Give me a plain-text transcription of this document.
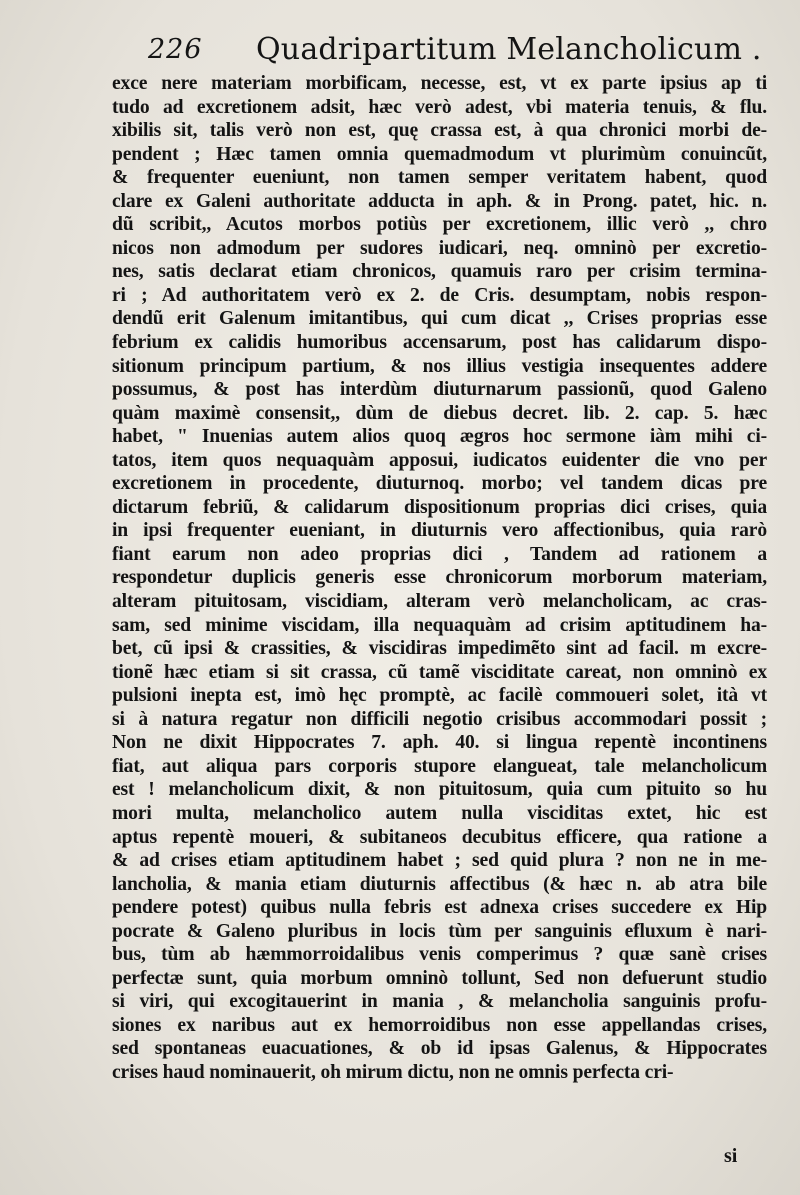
226 Quadripartitum Melancholicum .
exce nere materiam morbificam, necesse, est, vt ex parte ipsius ap ti
tudo ad excretionem adsit, hæc verò adest, vbi materia tenuis, & flu.
xibilis sit, talis verò non est, quę crassa est, à qua chronici morbi de-
pendent ; Hæc tamen omnia quemadmodum vt plurimùm conuincũt,
& frequenter eueniunt, non tamen semper veritatem habent, quod
clare ex Galeni authoritate adducta in aph. & in Prong. patet, hic. n.
dũ scribit,, Acutos morbos potiùs per excretionem, illic verò ,, chro
nicos non admodum per sudores iudicari, neq. omninò per excretio-
nes, satis declarat etiam chronicos, quamuis raro per crisim termina-
ri ; Ad authoritatem verò ex 2. de Cris. desumptam, nobis respon-
dendũ erit Galenum imitantibus, qui cum dicat ,, Crises proprias esse
febrium ex calidis humoribus accensarum, post has calidarum dispo-
sitionum principum partium, & nos illius vestigia insequentes addere
possumus, & post has interdùm diuturnarum passionũ, quod Galeno
quàm maximè consensit,, dùm de diebus decret. lib. 2. cap. 5. hæc
habet, " Inuenias autem alios quoq ægros hoc sermone iàm mihi ci-
tatos, item quos nequaquàm apposui, iudicatos euidenter die vno per
excretionem in procedente, diuturnoq. morbo; vel tandem dicas pre
dictarum febriũ, & calidarum dispositionum proprias dici crises, quia
in ipsi frequenter eueniant, in diuturnis vero affectionibus, quia rarò
fiant earum non adeo proprias dici , Tandem ad rationem a
respondetur duplicis generis esse chronicorum morborum materiam,
alteram pituitosam, viscidiam, alteram verò melancholicam, ac cras-
sam, sed minime viscidam, illa nequaquàm ad crisim aptitudinem ha-
bet, cũ ipsi & crassities, & viscidiras impedimẽto sint ad facil. m excre-
tionẽ hæc etiam si sit crassa, cũ tamẽ visciditate careat, non omninò ex
pulsioni inepta est, imò hęc promptè, ac facilè commoueri solet, ità vt
si à natura regatur non difficili negotio crisibus accommodari possit ;
Non ne dixit Hippocrates 7. aph. 40. si lingua repentè incontinens
fiat, aut aliqua pars corporis stupore elangueat, tale melancholicum
est ! melancholicum dixit, & non pituitosum, quia cum pituito so hu
mori multa, melancholico autem nulla visciditas extet, hic est
aptus repentè moueri, & subitaneos decubitus efficere, qua ratione a
& ad crises etiam aptitudinem habet ; sed quid plura ? non ne in me-
lancholia, & mania etiam diuturnis affectibus (& hæc n. ab atra bile
pendere potest) quibus nulla febris est adnexa crises succedere ex Hip
pocrate & Galeno pluribus in locis tùm per sanguinis efluxum è nari-
bus, tùm ab hæmmorroidalibus venis comperimus ? quæ sanè crises
perfectæ sunt, quia morbum omninò tollunt, Sed non defuerunt studio
si viri, qui excogitauerint in mania , & melancholia sanguinis profu-
siones ex naribus aut ex hemorroidibus non esse appellandas crises,
sed spontaneas euacuationes, & ob id ipsas Galenus, & Hippocrates
crises haud nominauerit, oh mirum dictu, non ne omnis perfecta cri-
si
